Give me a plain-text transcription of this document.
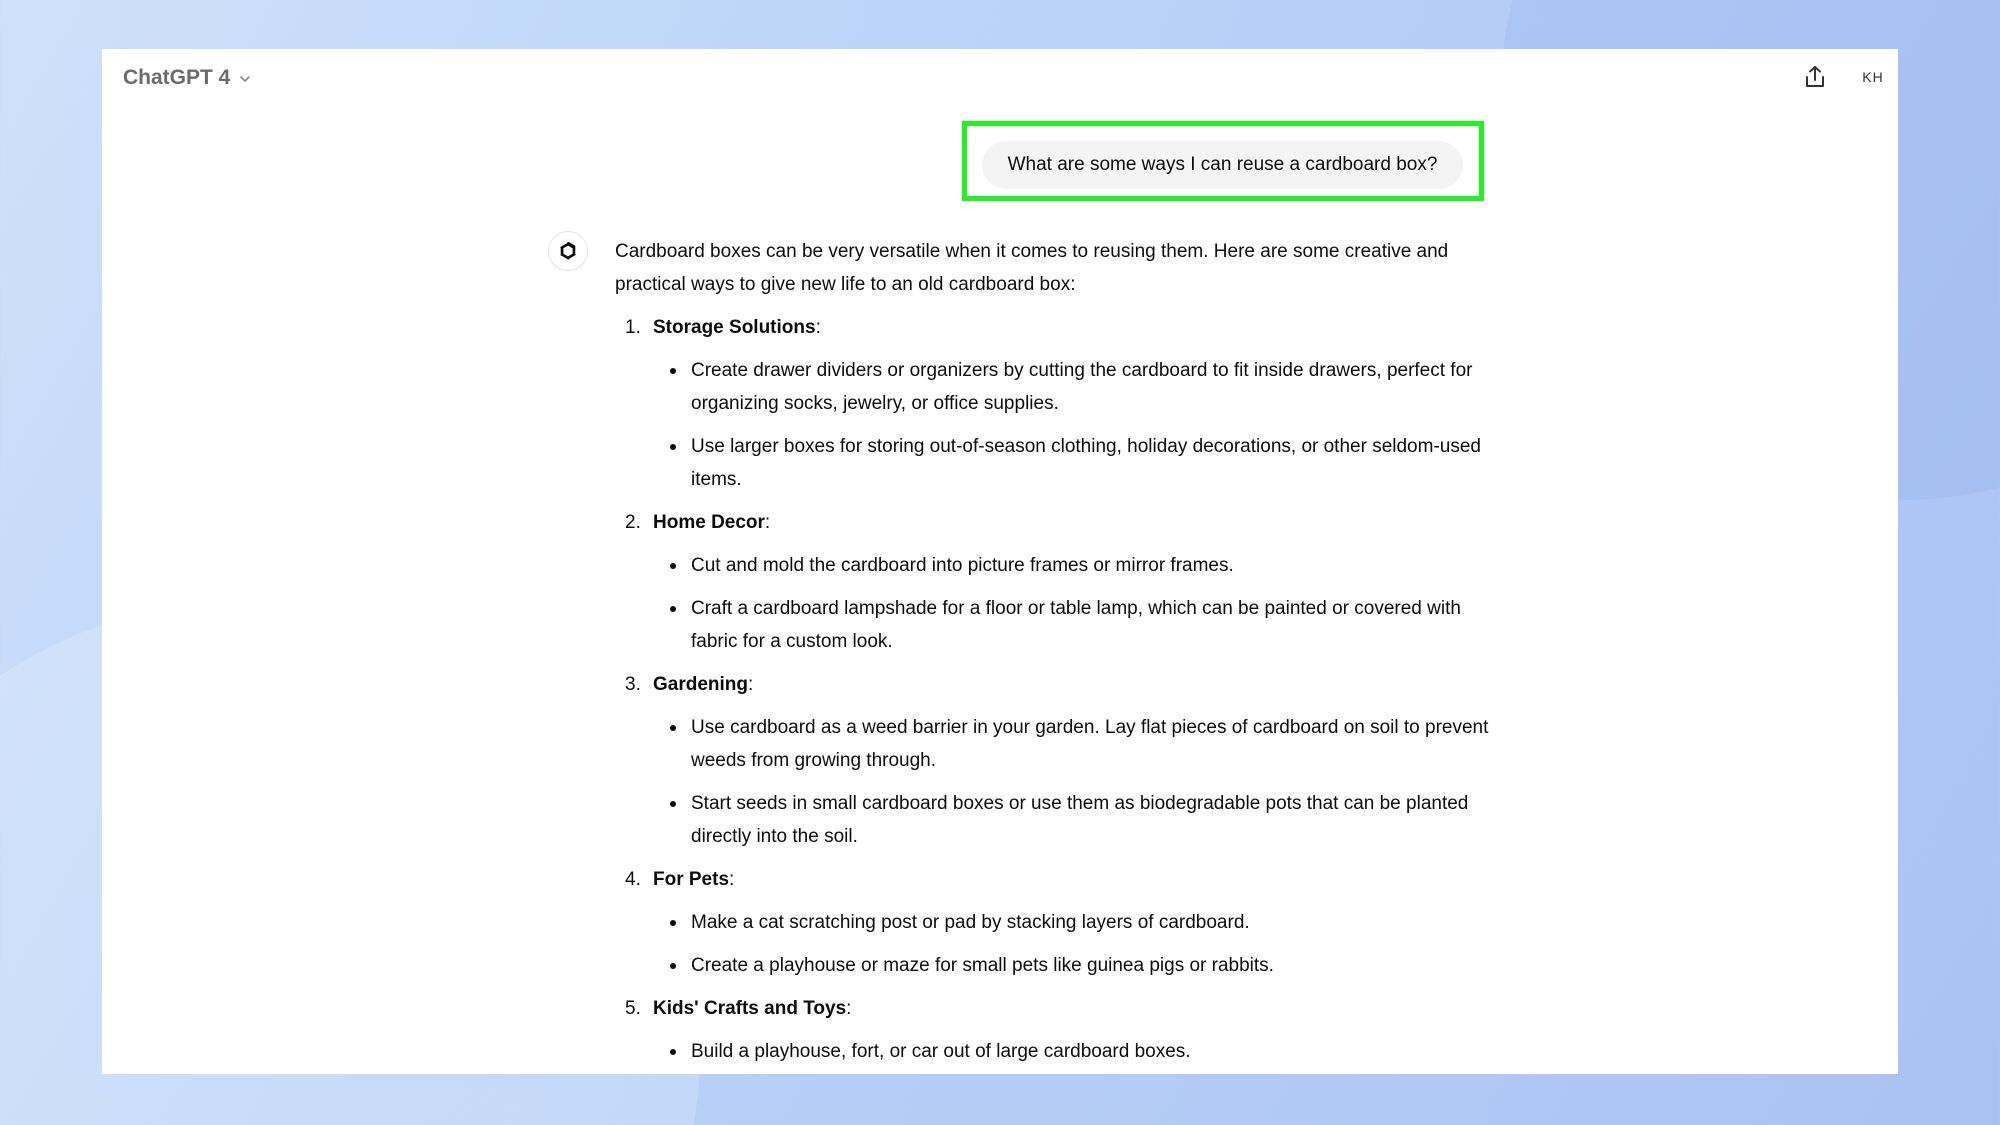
ChatGPT 4	KH
What are some ways I can reuse a cardboard box?

Cardboard boxes can be very versatile when it comes to reusing them. Here are some creative and practical ways to give new life to an old cardboard box:

1. Storage Solutions:
Create drawer dividers or organizers by cutting the cardboard to fit inside drawers, perfect for organizing socks, jewelry, or office supplies.
Use larger boxes for storing out-of-season clothing, holiday decorations, or other seldom-used items.
2. Home Decor:
Cut and mold the cardboard into picture frames or mirror frames.
Craft a cardboard lampshade for a floor or table lamp, which can be painted or covered with fabric for a custom look.
3. Gardening:
Use cardboard as a weed barrier in your garden. Lay flat pieces of cardboard on soil to prevent weeds from growing through.
Start seeds in small cardboard boxes or use them as biodegradable pots that can be planted directly into the soil.
4. For Pets:
Make a cat scratching post or pad by stacking layers of cardboard.
Create a playhouse or maze for small pets like guinea pigs or rabbits.
5. Kids' Crafts and Toys:
Build a playhouse, fort, or car out of large cardboard boxes.
